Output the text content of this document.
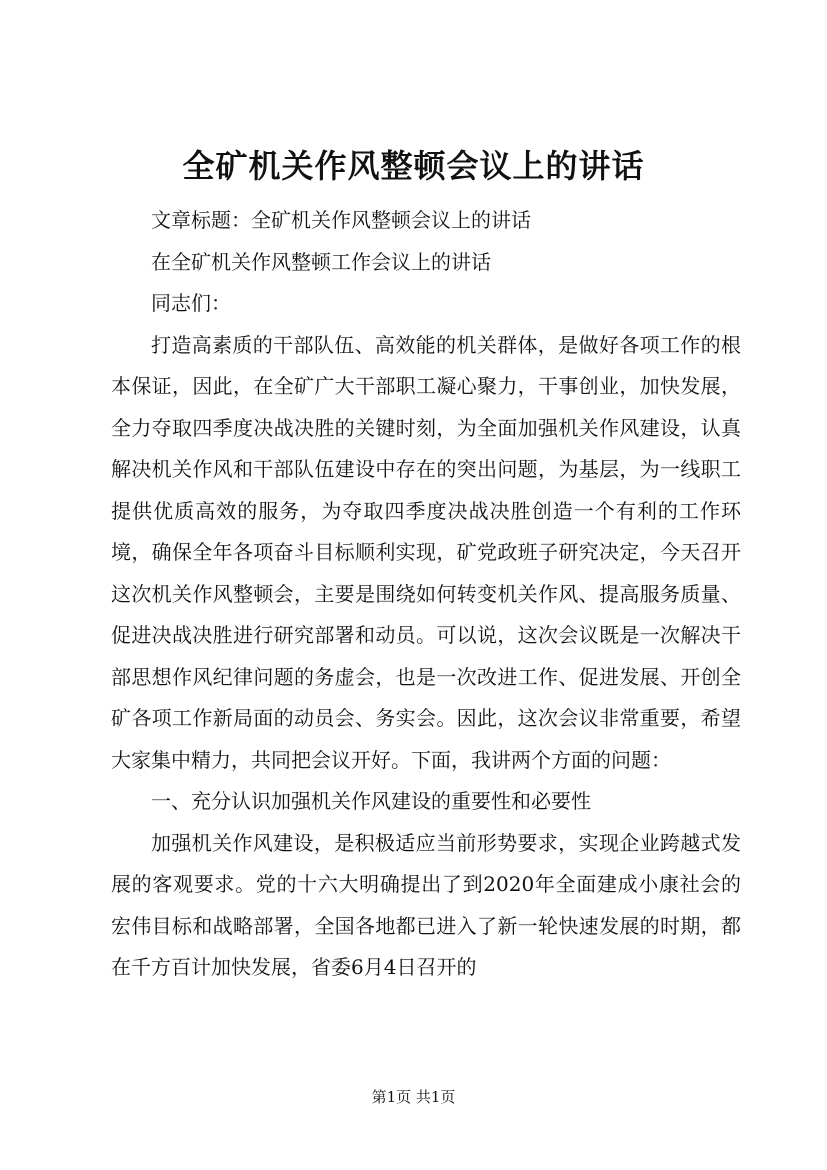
全矿机关作风整顿会议上的讲话

文章标题：全矿机关作风整顿会议上的讲话

在全矿机关作风整顿工作会议上的讲话

同志们：

打造高素质的干部队伍、高效能的机关群体，是做好各项工作的根本保证，因此，在全矿广大干部职工凝心聚力，干事创业，加快发展，全力夺取四季度决战决胜的关键时刻，为全面加强机关作风建设，认真解决机关作风和干部队伍建设中存在的突出问题，为基层，为一线职工提供优质高效的服务，为夺取四季度决战决胜创造一个有利的工作环境，确保全年各项奋斗目标顺利实现，矿党政班子研究决定，今天召开这次机关作风整顿会，主要是围绕如何转变机关作风、提高服务质量、促进决战决胜进行研究部署和动员。可以说，这次会议既是一次解决干部思想作风纪律问题的务虚会，也是一次改进工作、促进发展、开创全矿各项工作新局面的动员会、务实会。因此，这次会议非常重要，希望大家集中精力，共同把会议开好。下面，我讲两个方面的问题：

一、充分认识加强机关作风建设的重要性和必要性

加强机关作风建设，是积极适应当前形势要求，实现企业跨越式发展的客观要求。党的十六大明确提出了到2020年全面建成小康社会的宏伟目标和战略部署，全国各地都已进入了新一轮快速发展的时期，都在千方百计加快发展，省委6月4日召开的

第1页 共1页
